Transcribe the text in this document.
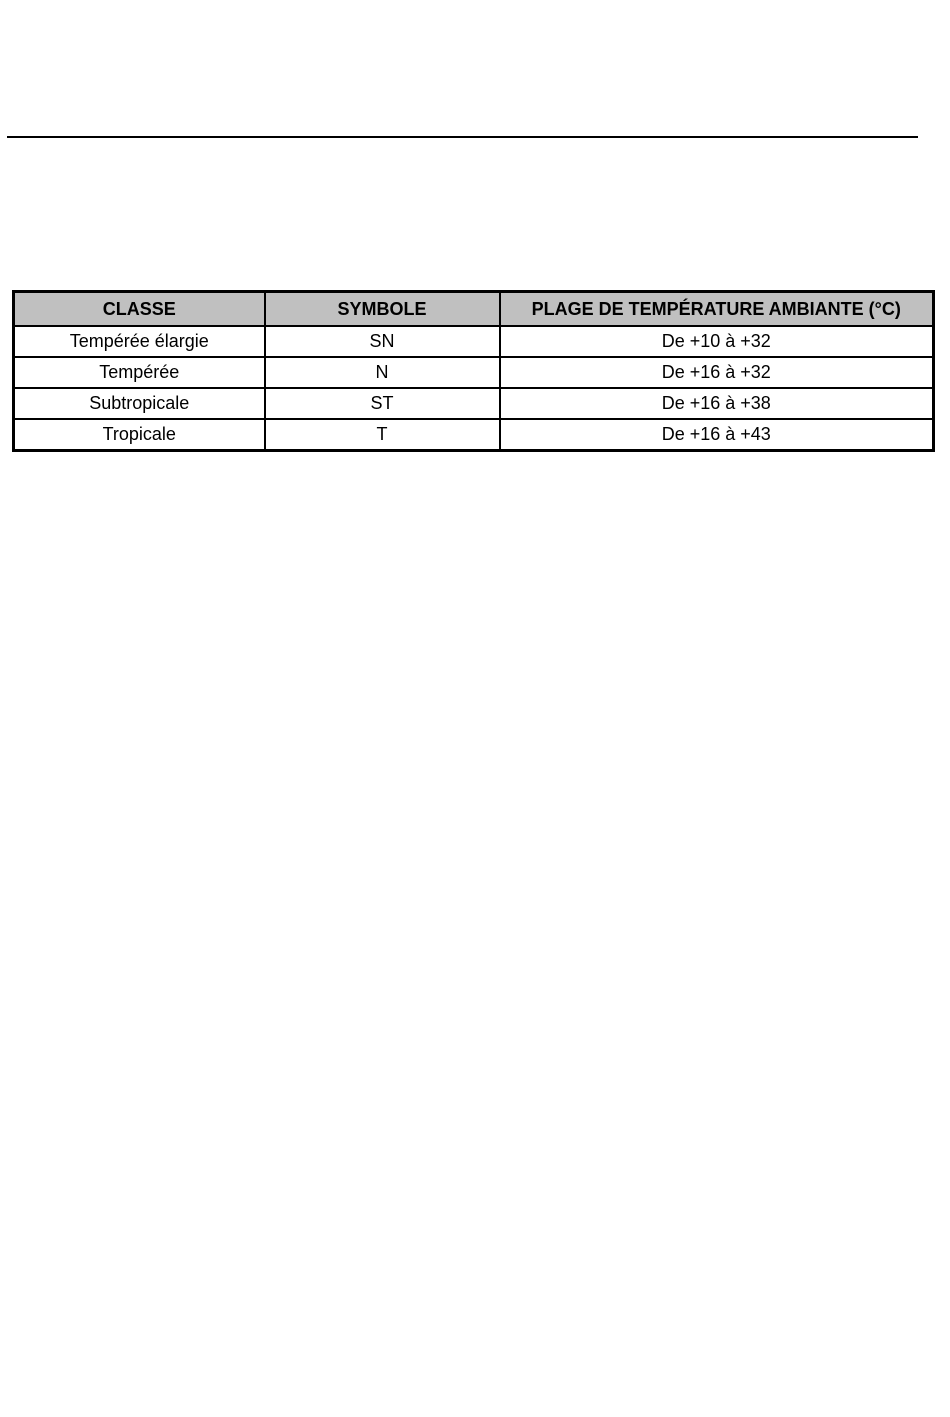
CLASSE	SYMBOLE	PLAGE DE TEMPÉRATURE AMBIANTE (°C)
Tempérée élargie	SN	De +10 à +32
Tempérée	N	De +16 à +32
Subtropicale	ST	De +16 à +38
Tropicale	T	De +16 à +43
